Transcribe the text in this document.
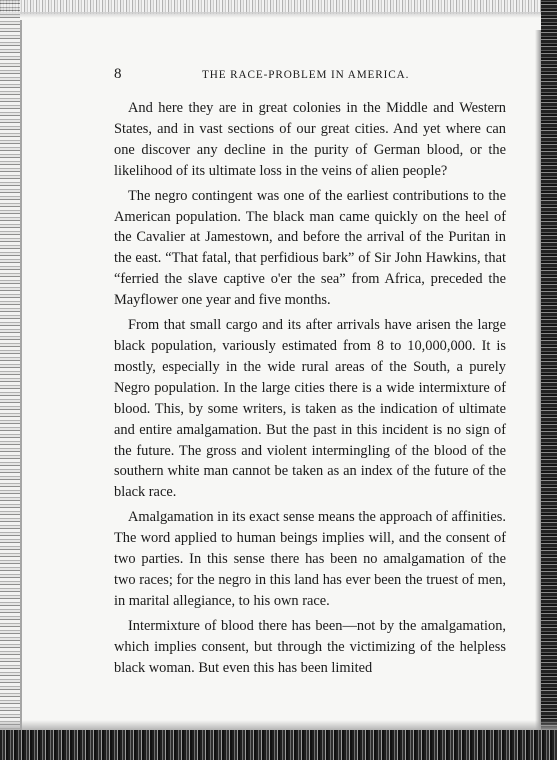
8	THE RACE-PROBLEM IN AMERICA.

And here they are in great colonies in the Middle and Western States, and in vast sections of our great cities. And yet where can one discover any decline in the purity of German blood, or the likelihood of its ultimate loss in the veins of alien people?

The negro contingent was one of the earliest contributions to the American population. The black man came quickly on the heel of the Cavalier at Jamestown, and before the arrival of the Puritan in the east. “That fatal, that perfidious bark” of Sir John Hawkins, that “ferried the slave captive o'er the sea” from Africa, preceded the Mayflower one year and five months.

From that small cargo and its after arrivals have arisen the large black population, variously estimated from 8 to 10,000,000. It is mostly, especially in the wide rural areas of the South, a purely Negro population. In the large cities there is a wide intermixture of blood. This, by some writers, is taken as the indication of ultimate and entire amalgamation. But the past in this incident is no sign of the future. The gross and violent intermingling of the blood of the southern white man cannot be taken as an index of the future of the black race.

Amalgamation in its exact sense means the approach of affinities. The word applied to human beings implies will, and the consent of two parties. In this sense there has been no amalgamation of the two races; for the negro in this land has ever been the truest of men, in marital allegiance, to his own race.

Intermixture of blood there has been—not by the amalgamation, which implies consent, but through the victimizing of the helpless black woman. But even this has been limited
